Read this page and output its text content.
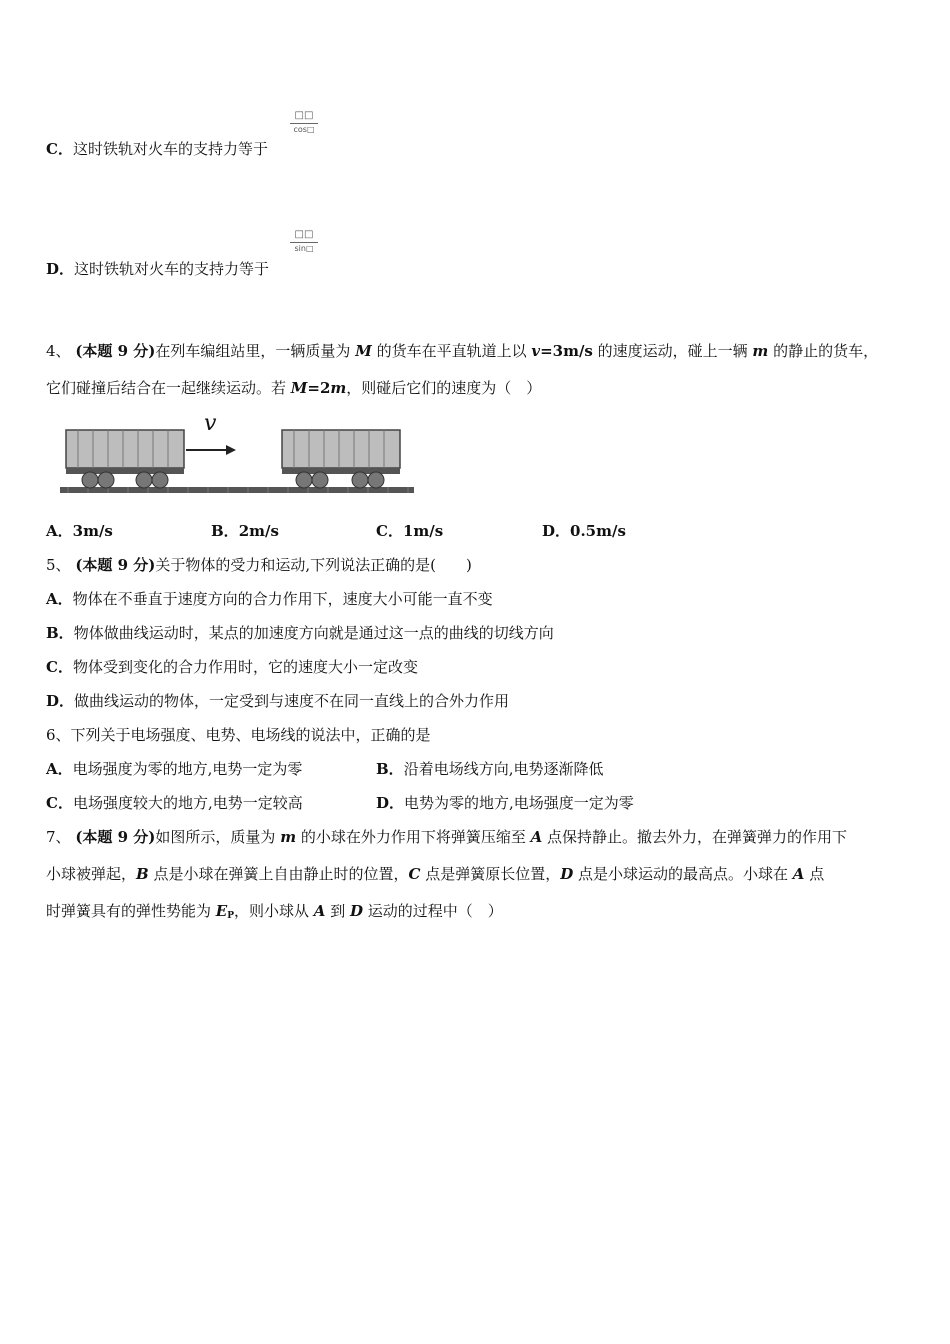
C．这时铁轨对火车的支持力等于
□□
cos□
D．这时铁轨对火车的支持力等于
□□
sin□
4、 (本题 9 分)在列车编组站里，一辆质量为 M 的货车在平直轨道上以 v=3m/s 的速度运动，碰上一辆 m 的静止的货车，
它们碰撞后结合在一起继续运动。若 M=2m，则碰后它们的速度为（　）
v
A．3m/s	B．2m/s	C．1m/s	D．0.5m/s
5、 (本题 9 分)关于物体的受力和运动,下列说法正确的是(　　)
A．物体在不垂直于速度方向的合力作用下，速度大小可能一直不变
B．物体做曲线运动时，某点的加速度方向就是通过这一点的曲线的切线方向
C．物体受到变化的合力作用时，它的速度大小一定改变
D．做曲线运动的物体，一定受到与速度不在同一直线上的合外力作用
6、下列关于电场强度、电势、电场线的说法中，正确的是
A．电场强度为零的地方,电势一定为零	B．沿着电场线方向,电势逐渐降低
C．电场强度较大的地方,电势一定较高	D．电势为零的地方,电场强度一定为零
7、 (本题 9 分)如图所示，质量为 m 的小球在外力作用下将弹簧压缩至 A 点保持静止。撤去外力，在弹簧弹力的作用下
小球被弹起，B 点是小球在弹簧上自由静止时的位置，C 点是弹簧原长位置，D 点是小球运动的最高点。小球在 A 点
时弹簧具有的弹性势能为 $E_P$，则小球从 A 到 D 运动的过程中（　）
